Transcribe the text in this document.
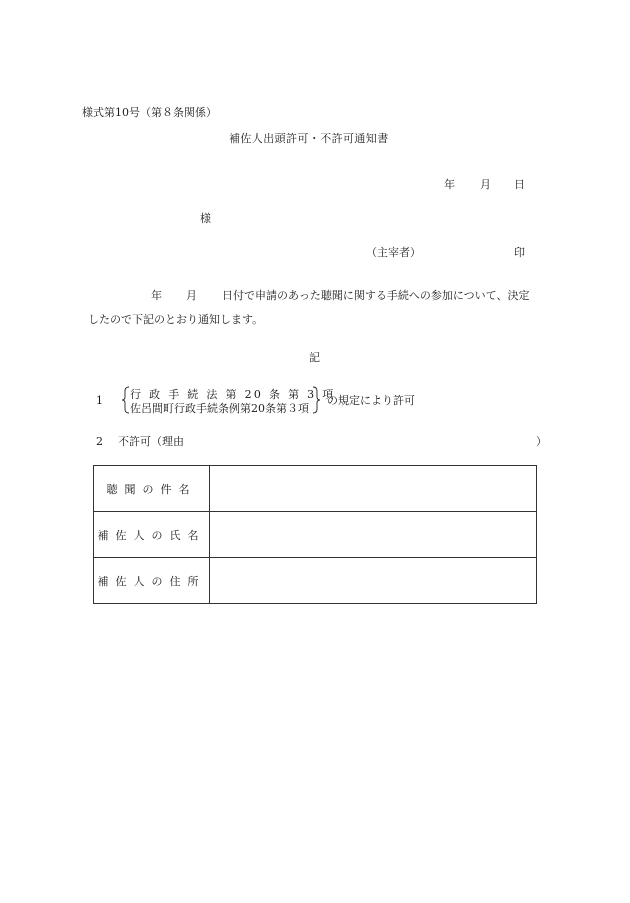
様式第10号（第８条関係）
補佐人出頭許可・不許可通知書
年 月 日
様
（主宰者）	印
年 月 日付で申請のあった聴聞に関する手続への参加について、決定
したので下記のとおり通知します。
記
1 行 政 手 続 法 第 20 条 第 3 項
佐呂間町行政手続条例第20条第３項
の規定により許可
2 不許可（理由	）
聴聞の件名	
補佐人の氏名	
補佐人の住所	
